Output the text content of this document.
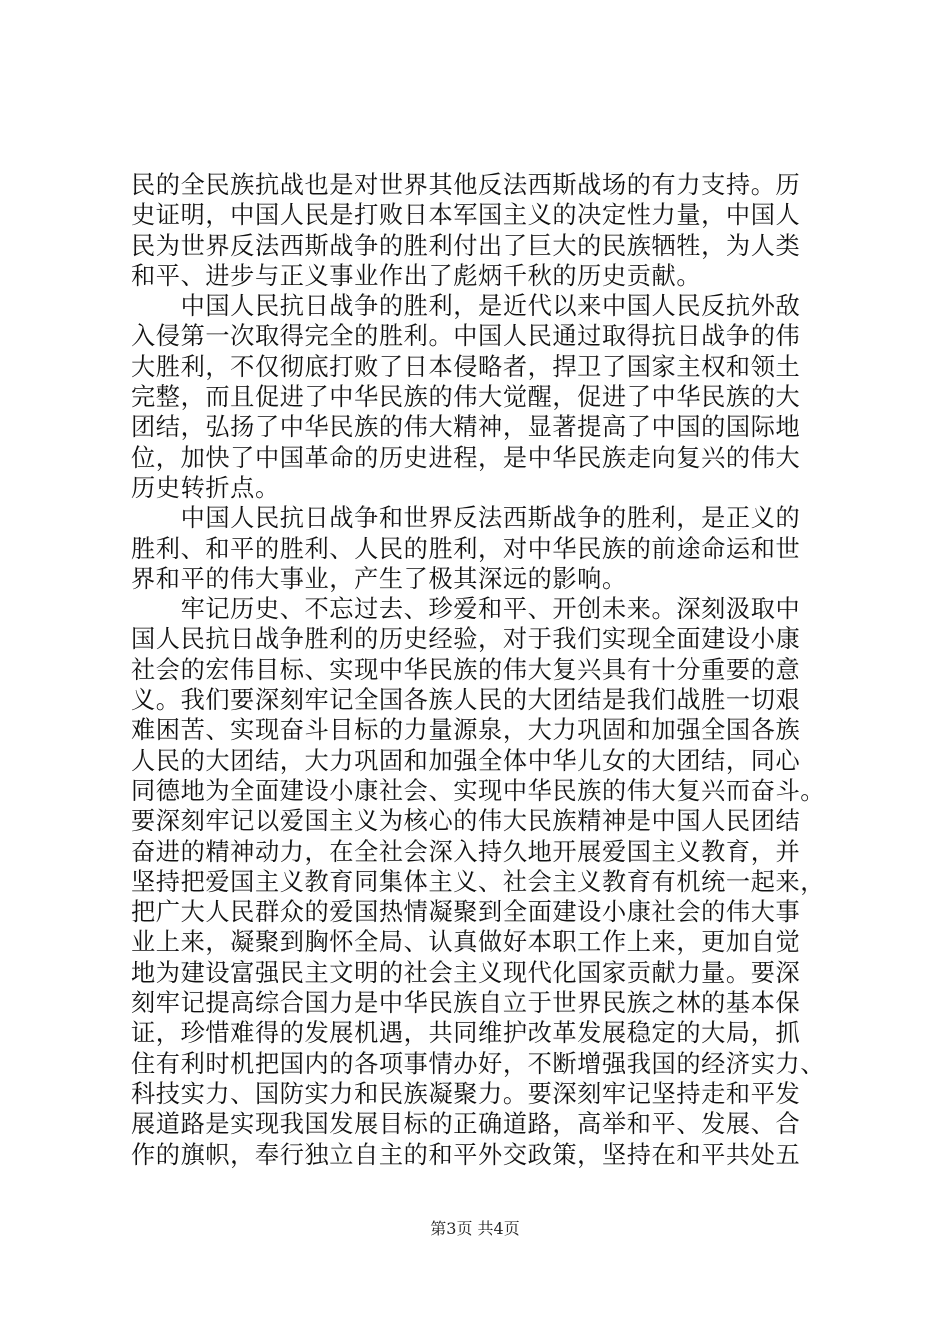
民的全民族抗战也是对世界其他反法西斯战场的有力支持。历
史证明，中国人民是打败日本军国主义的决定性力量，中国人
民为世界反法西斯战争的胜利付出了巨大的民族牺牲，为人类
和平、进步与正义事业作出了彪炳千秋的历史贡献。
　　中国人民抗日战争的胜利，是近代以来中国人民反抗外敌
入侵第一次取得完全的胜利。中国人民通过取得抗日战争的伟
大胜利，不仅彻底打败了日本侵略者，捍卫了国家主权和领土
完整，而且促进了中华民族的伟大觉醒，促进了中华民族的大
团结，弘扬了中华民族的伟大精神，显著提高了中国的国际地
位，加快了中国革命的历史进程，是中华民族走向复兴的伟大
历史转折点。
　　中国人民抗日战争和世界反法西斯战争的胜利，是正义的
胜利、和平的胜利、人民的胜利，对中华民族的前途命运和世
界和平的伟大事业，产生了极其深远的影响。
　　牢记历史、不忘过去、珍爱和平、开创未来。深刻汲取中
国人民抗日战争胜利的历史经验，对于我们实现全面建设小康
社会的宏伟目标、实现中华民族的伟大复兴具有十分重要的意
义。我们要深刻牢记全国各族人民的大团结是我们战胜一切艰
难困苦、实现奋斗目标的力量源泉，大力巩固和加强全国各族
人民的大团结，大力巩固和加强全体中华儿女的大团结，同心
同德地为全面建设小康社会、实现中华民族的伟大复兴而奋斗。
要深刻牢记以爱国主义为核心的伟大民族精神是中国人民团结
奋进的精神动力，在全社会深入持久地开展爱国主义教育，并
坚持把爱国主义教育同集体主义、社会主义教育有机统一起来，
把广大人民群众的爱国热情凝聚到全面建设小康社会的伟大事
业上来，凝聚到胸怀全局、认真做好本职工作上来，更加自觉
地为建设富强民主文明的社会主义现代化国家贡献力量。要深
刻牢记提高综合国力是中华民族自立于世界民族之林的基本保
证，珍惜难得的发展机遇，共同维护改革发展稳定的大局，抓
住有利时机把国内的各项事情办好，不断增强我国的经济实力、
科技实力、国防实力和民族凝聚力。要深刻牢记坚持走和平发
展道路是实现我国发展目标的正确道路，高举和平、发展、合
作的旗帜，奉行独立自主的和平外交政策，坚持在和平共处五
第3页 共4页
